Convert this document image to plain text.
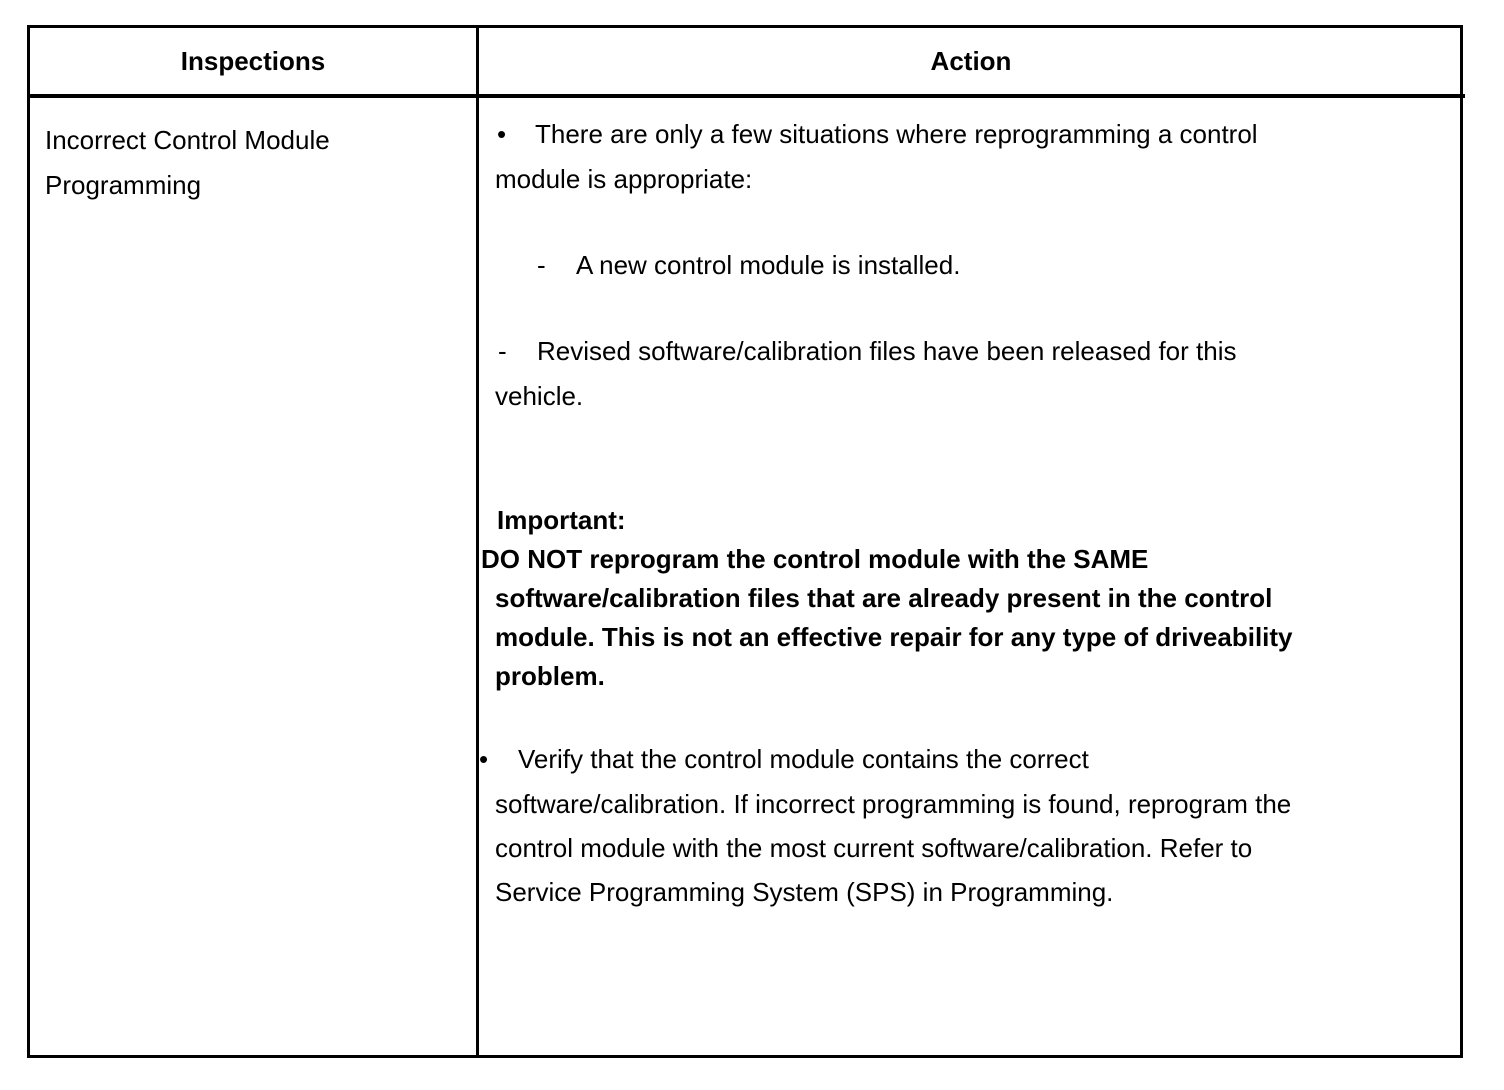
Inspections	Action
Incorrect Control Module
Programming
• There are only a few situations where reprogramming a control
module is appropriate:
- A new control module is installed.
- Revised software/calibration files have been released for this
vehicle.
Important:
DO NOT reprogram the control module with the SAME
software/calibration files that are already present in the control
module. This is not an effective repair for any type of driveability
problem.
• Verify that the control module contains the correct
software/calibration. If incorrect programming is found, reprogram the
control module with the most current software/calibration. Refer to
Service Programming System (SPS) in Programming.
